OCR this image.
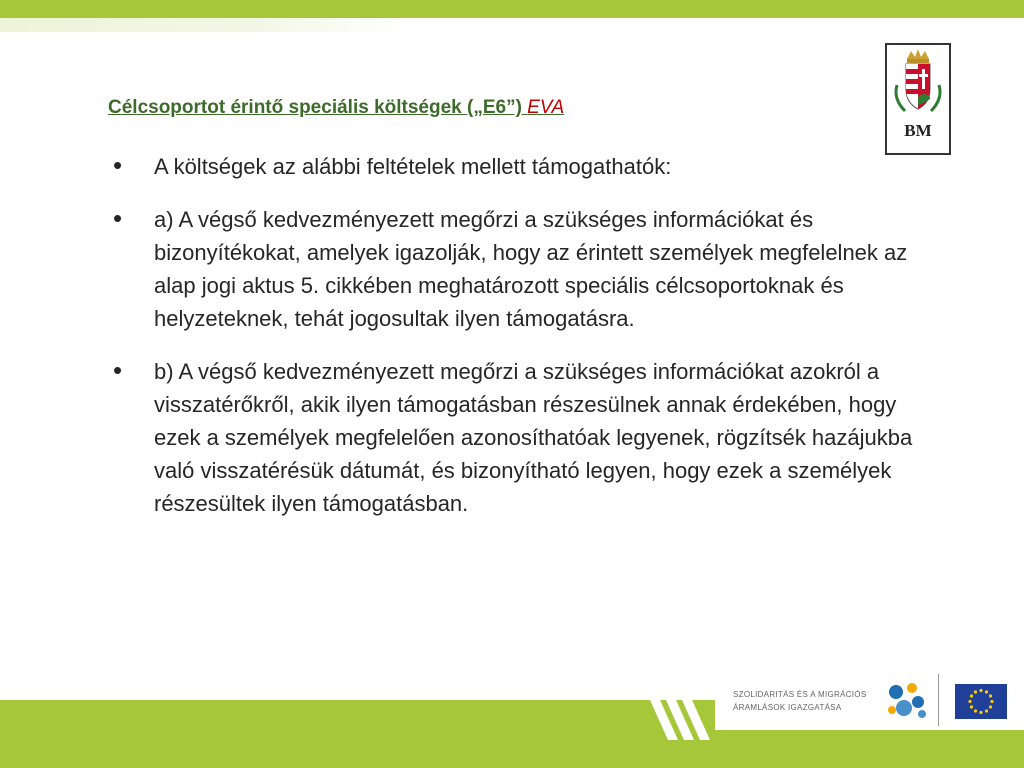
Célcsoportot érintő speciális költségek („E6”) EVA
• A költségek az alábbi feltételek mellett támogathatók:
• a) A végső kedvezményezett megőrzi a szükséges információkat és bizonyítékokat, amelyek igazolják, hogy az érintett személyek megfelelnek az alap jogi aktus 5. cikkében meghatározott speciális célcsoportoknak és helyzeteknek, tehát jogosultak ilyen támogatásra.
• b) A végső kedvezményezett megőrzi a szükséges információkat azokról a visszatérőkről, akik ilyen támogatásban részesülnek annak érdekében, hogy ezek a személyek megfelelően azonosíthatóak legyenek, rögzítsék hazájukba való visszatérésük dátumát, és bizonyítható legyen, hogy ezek a személyek részesültek ilyen támogatásban.
BM
SZOLIDARITÁS ÉS A MIGRÁCIÓS
ÁRAMLÁSOK IGAZGATÁSA
